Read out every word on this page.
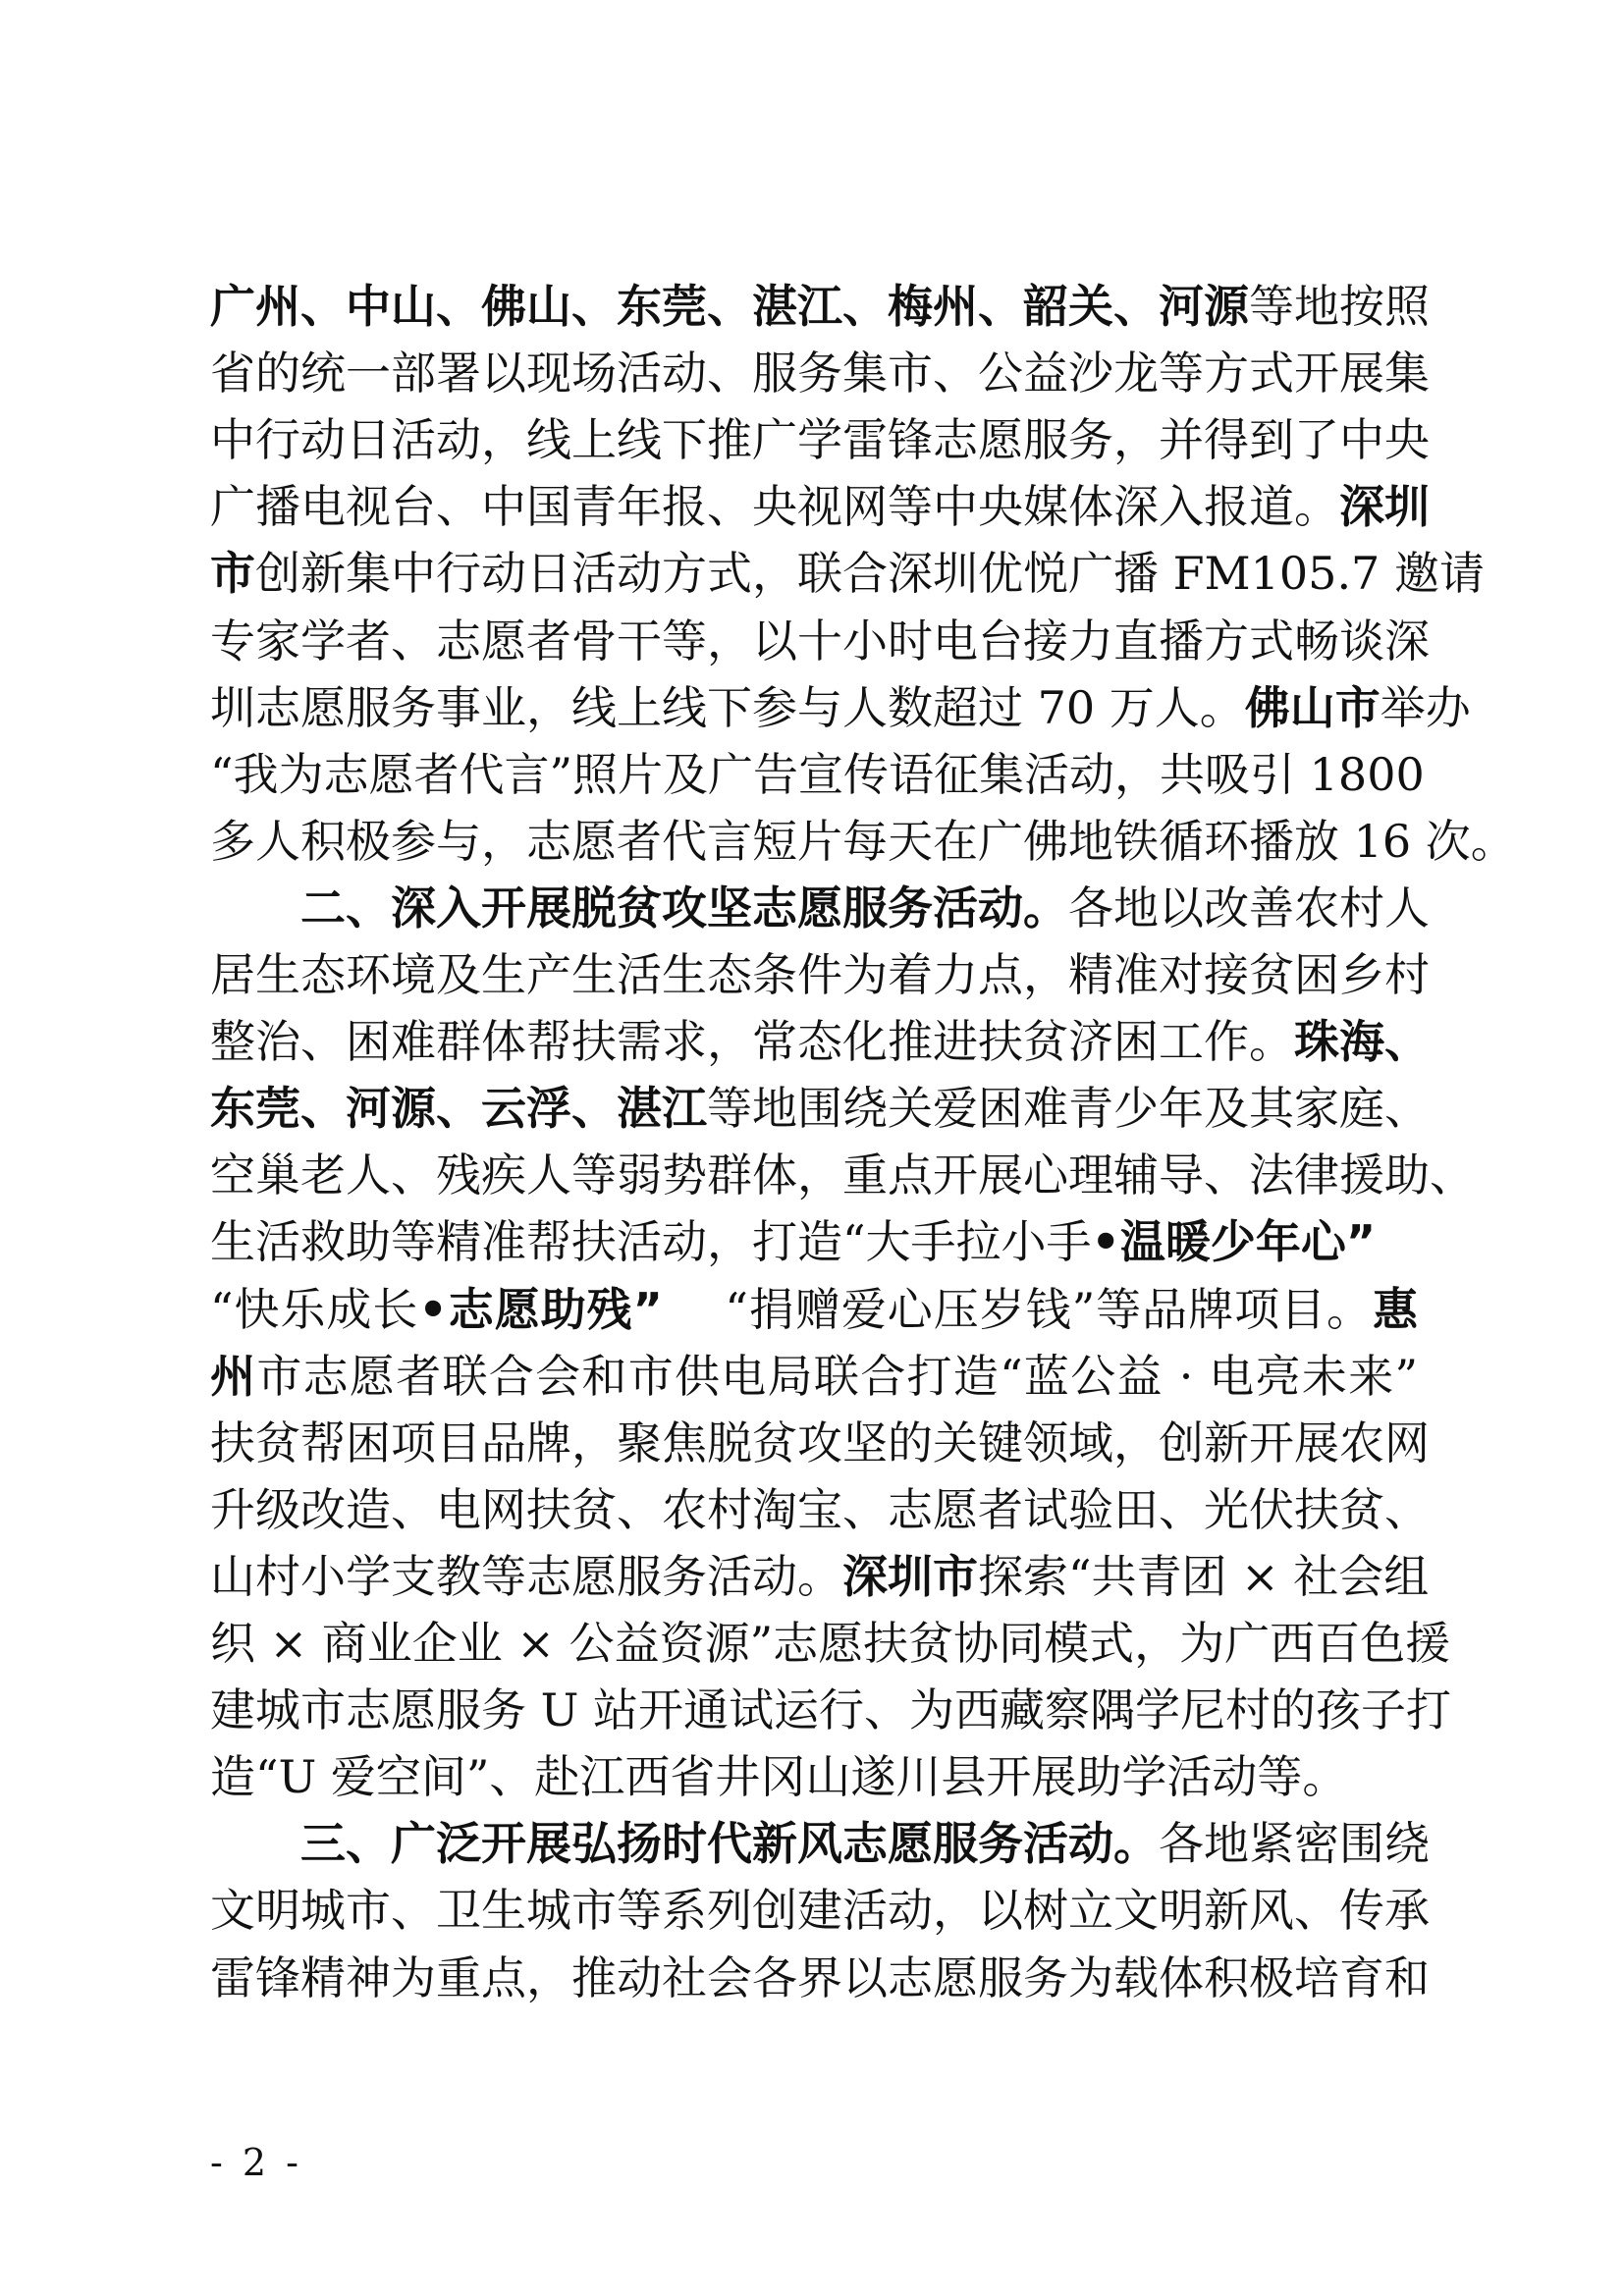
广州、中山、佛山、东莞、湛江、梅州、韶关、河源等地按照
省的统一部署以现场活动、服务集市、公益沙龙等方式开展集
中行动日活动，线上线下推广学雷锋志愿服务，并得到了中央
广播电视台、中国青年报、央视网等中央媒体深入报道。深圳
市创新集中行动日活动方式，联合深圳优悦广播 FM105.7 邀请
专家学者、志愿者骨干等，以十小时电台接力直播方式畅谈深
圳志愿服务事业，线上线下参与人数超过 70 万人。佛山市举办
“我为志愿者代言”照片及广告宣传语征集活动，共吸引 1800
多人积极参与，志愿者代言短片每天在广佛地铁循环播放 16 次。
二、深入开展脱贫攻坚志愿服务活动。各地以改善农村人
居生态环境及生产生活生态条件为着力点，精准对接贫困乡村
整治、困难群体帮扶需求，常态化推进扶贫济困工作。珠海、
东莞、河源、云浮、湛江等地围绕关爱困难青少年及其家庭、
空巢老人、残疾人等弱势群体，重点开展心理辅导、法律援助、
生活救助等精准帮扶活动，打造“大手拉小手•温暖少年心”
“快乐成长•志愿助残”　 “捐赠爱心压岁钱”等品牌项目。惠
州市志愿者联合会和市供电局联合打造“蓝公益 · 电亮未来”
扶贫帮困项目品牌，聚焦脱贫攻坚的关键领域，创新开展农网
升级改造、电网扶贫、农村淘宝、志愿者试验田、光伏扶贫、
山村小学支教等志愿服务活动。深圳市探索“共青团 × 社会组
织 × 商业企业 × 公益资源”志愿扶贫协同模式，为广西百色援
建城市志愿服务 U 站开通试运行、为西藏察隅学尼村的孩子打
造“U 爱空间”、赴江西省井冈山遂川县开展助学活动等。
三、广泛开展弘扬时代新风志愿服务活动。各地紧密围绕
文明城市、卫生城市等系列创建活动，以树立文明新风、传承
雷锋精神为重点，推动社会各界以志愿服务为载体积极培育和
- 2 -
